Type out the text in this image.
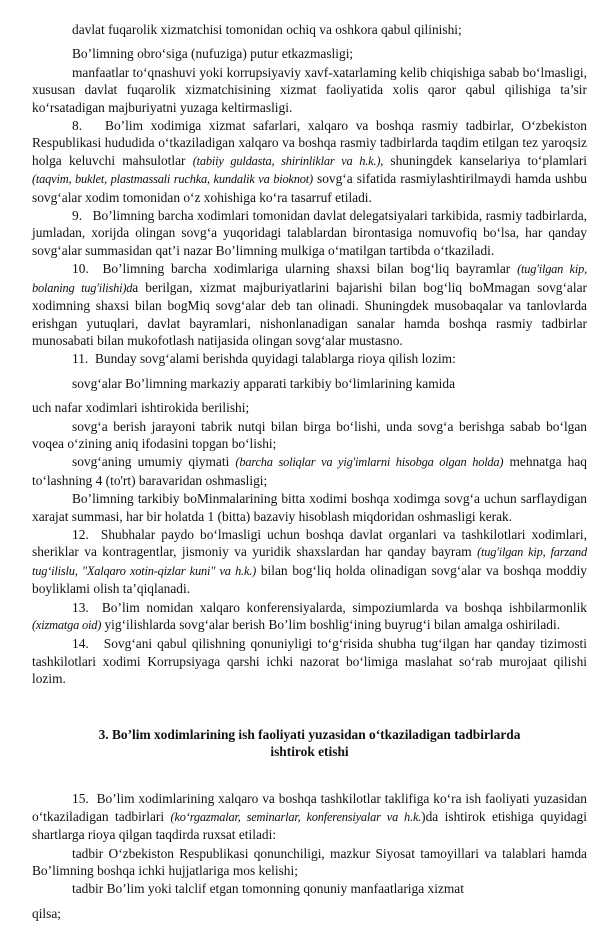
davlat fuqarolik xizmatchisi tomonidan ochiq va oshkora qabul qilinishi;

Bo’limning obro‘siga (nufuziga) putur etkazmasligi;

manfaatlar to‘qnashuvi yoki korrupsiyaviy xavf-xatarlaming kelib chiqishiga sabab bo‘lmasligi, xususan davlat fuqarolik xizmatchisining xizmat faoliyatida xolis qaror qabul qilishiga ta’sir ko‘rsatadigan majburiyatni yuzaga keltirmasligi.

8. Bo’lim xodimiga xizmat safarlari, xalqaro va boshqa rasmiy tadbirlar, O‘zbekiston Respublikasi hududida o‘tkaziladigan xalqaro va boshqa rasmiy tadbirlarda taqdim etilgan tez yaroqsiz holga keluvchi mahsulotlar (tabiiy guldasta, shirinliklar va h.k.), shuningdek kanselariya to‘plamlari (taqvim, buklet, plastmassali ruchka, kundalik va bioknot) sovg‘a sifatida rasmiylashtirilmaydi hamda ushbu sovg‘alar xodim tomonidan o‘z xohishiga ko‘ra tasarruf etiladi.

9. Bo’limning barcha xodimlari tomonidan davlat delegatsiyalari tarkibida, rasmiy tadbirlarda, jumladan, xorijda olingan sovg‘a yuqoridagi talablardan birontasiga nomuvofiq bo‘lsa, har qanday sovg‘alar summasidan qat’i nazar Bo’limning mulkiga o‘matilgan tartibda o‘tkaziladi.

10. Bo’limning barcha xodimlariga ularning shaxsi bilan bog‘liq bayramlar (tug'ilgan kip, bolaning tug'ilishi)da berilgan, xizmat majburiyatlarini bajarishi bilan bog‘liq boMmagan sovg‘alar xodimning shaxsi bilan bogMiq sovg‘alar deb tan olinadi. Shuningdek musobaqalar va tanlovlarda erishgan yutuqlari, davlat bayramlari, nishonlanadigan sanalar hamda boshqa rasmiy tadbirlar munosabati bilan mukofotlash natijasida olingan sovg‘alar mustasno.

11. Bunday sovg‘alami berishda quyidagi talablarga rioya qilish lozim:

sovg‘alar Bo’limning markaziy apparati tarkibiy bo‘limlarining kamida

uch nafar xodimlari ishtirokida berilishi;

sovg‘a berish jarayoni tabrik nutqi bilan birga bo‘lishi, unda sovg‘a berishga sabab bo‘lgan voqea o‘zining aniq ifodasini topgan bo‘lishi;

sovg‘aning umumiy qiymati (barcha soliqlar va yig'imlarni hisobga olgan holda) mehnatga haq to‘lashning 4 (to'rt) baravaridan oshmasligi;

Bo’limning tarkibiy boMinmalarining bitta xodimi boshqa xodimga sovg‘a uchun sarflaydigan xarajat summasi, har bir holatda 1 (bitta) bazaviy hisoblash miqdoridan oshmasligi kerak.

12. Shubhalar paydo bo‘lmasligi uchun boshqa davlat organlari va tashkilotlari xodimlari, sheriklar va kontragentlar, jismoniy va yuridik shaxslardan har qanday bayram (tug'ilgan kip, farzand tug‘ilislu, "Xalqaro xotin-qizlar kuni" va h.k.) bilan bog‘liq holda olinadigan sovg‘alar va boshqa moddiy boyliklami olish ta’qiqlanadi.

13. Bo’lim nomidan xalqaro konferensiyalarda, simpoziumlarda va boshqa ishbilarmonlik (xizmatga oid) yig‘ilishlarda sovg‘alar berish Bo’lim boshlig‘ining buyrug‘i bilan amalga oshiriladi.

14. Sovg‘ani qabul qilishning qonuniyligi to‘g‘risida shubha tug‘ilgan har qanday tizimosti tashkilotlari xodimi Korrupsiyaga qarshi ichki nazorat bo‘limiga maslahat so‘rab murojaat qilishi lozim.

3. Bo’lim xodimlarining ish faoliyati yuzasidan o‘tkaziladigan tadbirlarda
ishtirok etishi

15. Bo’lim xodimlarining xalqaro va boshqa tashkilotlar taklifiga ko‘ra ish faoliyati yuzasidan o‘tkaziladigan tadbirlari (ko‘rgazmalar, seminarlar, konferensiyalar va h.k.)da ishtirok etishiga quyidagi shartlarga rioya qilgan taqdirda ruxsat etiladi:

tadbir O‘zbekiston Respublikasi qonunchiligi, mazkur Siyosat tamoyillari va talablari hamda Bo’limning boshqa ichki hujjatlariga mos kelishi;

tadbir Bo’lim yoki talclif etgan tomonning qonuniy manfaatlariga xizmat

qilsa;
